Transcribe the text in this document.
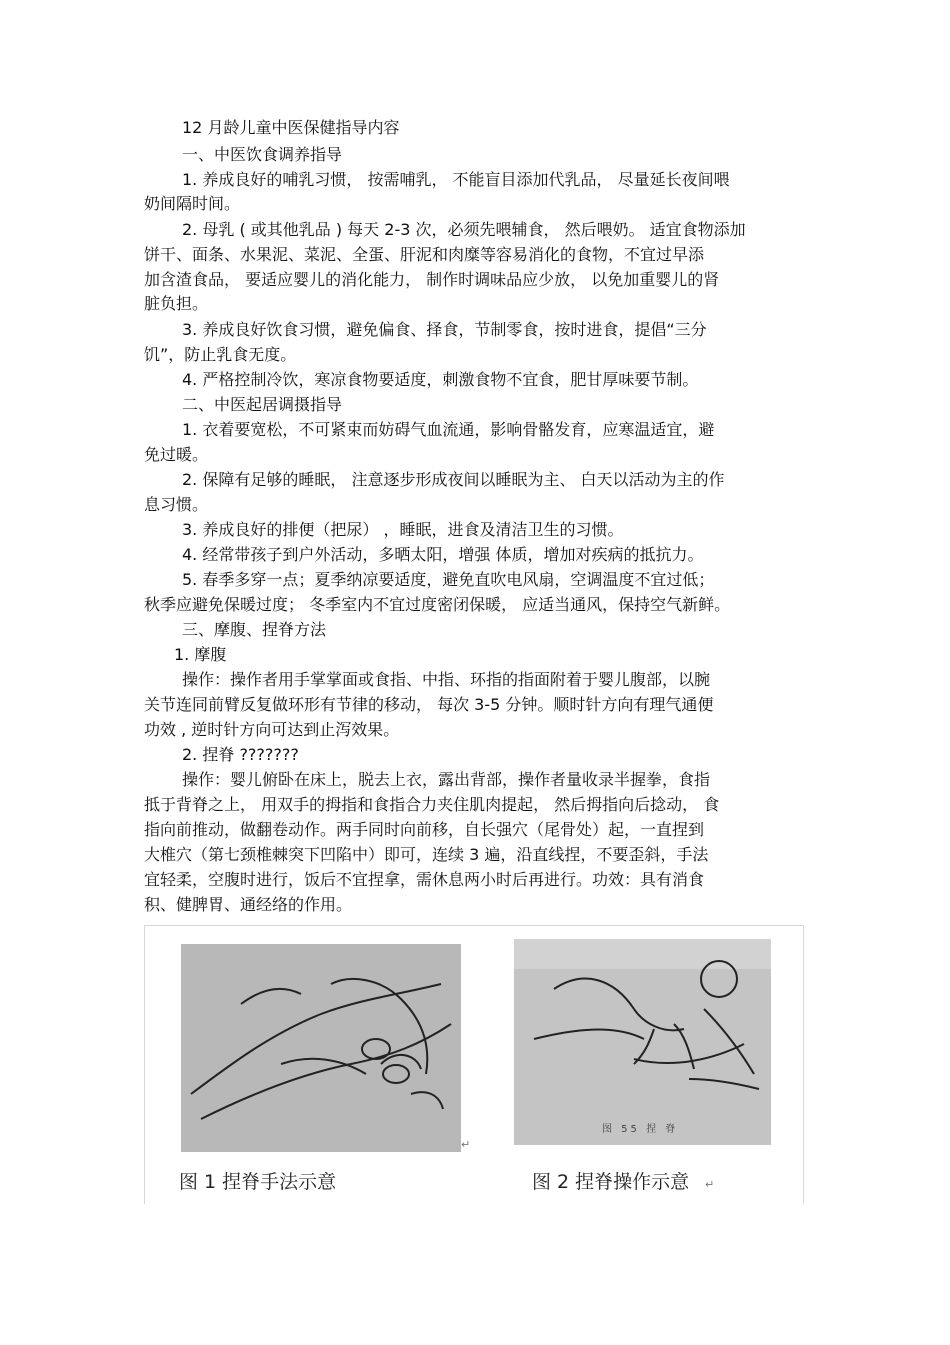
12 月龄儿童中医保健指导内容
一、中医饮食调养指导
1. 养成良好的哺乳习惯， 按需哺乳， 不能盲目添加代乳品， 尽量延长夜间喂
奶间隔时间。
2. 母乳 ( 或其他乳品 ) 每天 2-3 次，必须先喂辅食， 然后喂奶。 适宜食物添加
饼干、面条、水果泥、菜泥、全蛋、肝泥和肉糜等容易消化的食物，不宜过早添
加含渣食品， 要适应婴儿的消化能力， 制作时调味品应少放， 以免加重婴儿的肾
脏负担。
3. 养成良好饮食习惯，避免偏食、择食，节制零食，按时进食，提倡“三分
饥”，防止乳食无度。
4. 严格控制冷饮，寒凉食物要适度，刺激食物不宜食，肥甘厚味要节制。
二、中医起居调摄指导
1. 衣着要宽松，不可紧束而妨碍气血流通，影响骨骼发育，应寒温适宜，避
免过暖。
2. 保障有足够的睡眠， 注意逐步形成夜间以睡眠为主、 白天以活动为主的作
息习惯。
3. 养成良好的排便（把尿） ，睡眠，进食及清洁卫生的习惯。
4. 经常带孩子到户外活动，多晒太阳，增强 体质，增加对疾病的抵抗力。
5. 春季多穿一点；夏季纳凉要适度，避免直吹电风扇，空调温度不宜过低；
秋季应避免保暖过度； 冬季室内不宜过度密闭保暖， 应适当通风，保持空气新鲜。
三、摩腹、捏脊方法
1. 摩腹
操作：操作者用手掌掌面或食指、中指、环指的指面附着于婴儿腹部，以腕
关节连同前臂反复做环形有节律的移动， 每次 3-5 分钟。顺时针方向有理气通便
功效 , 逆时针方向可达到止泻效果。
2. 捏脊 ???????
操作：婴儿俯卧在床上，脱去上衣，露出背部，操作者量收录半握拳，食指
抵于背脊之上， 用双手的拇指和食指合力夹住肌肉提起， 然后拇指向后捻动， 食
指向前推动，做翻卷动作。两手同时向前移，自长强穴（尾骨处）起，一直捏到
大椎穴（第七颈椎棘突下凹陷中）即可，连续 3 遍，沿直线捏，不要歪斜，手法
宜轻柔，空腹时进行，饭后不宜捏拿，需休息两小时后再进行。功效：具有消食
积、健脾胃、通经络的作用。
↵
图 55 捏 脊
图 1 捏脊手法示意	图 2 捏脊操作示意 ↵
